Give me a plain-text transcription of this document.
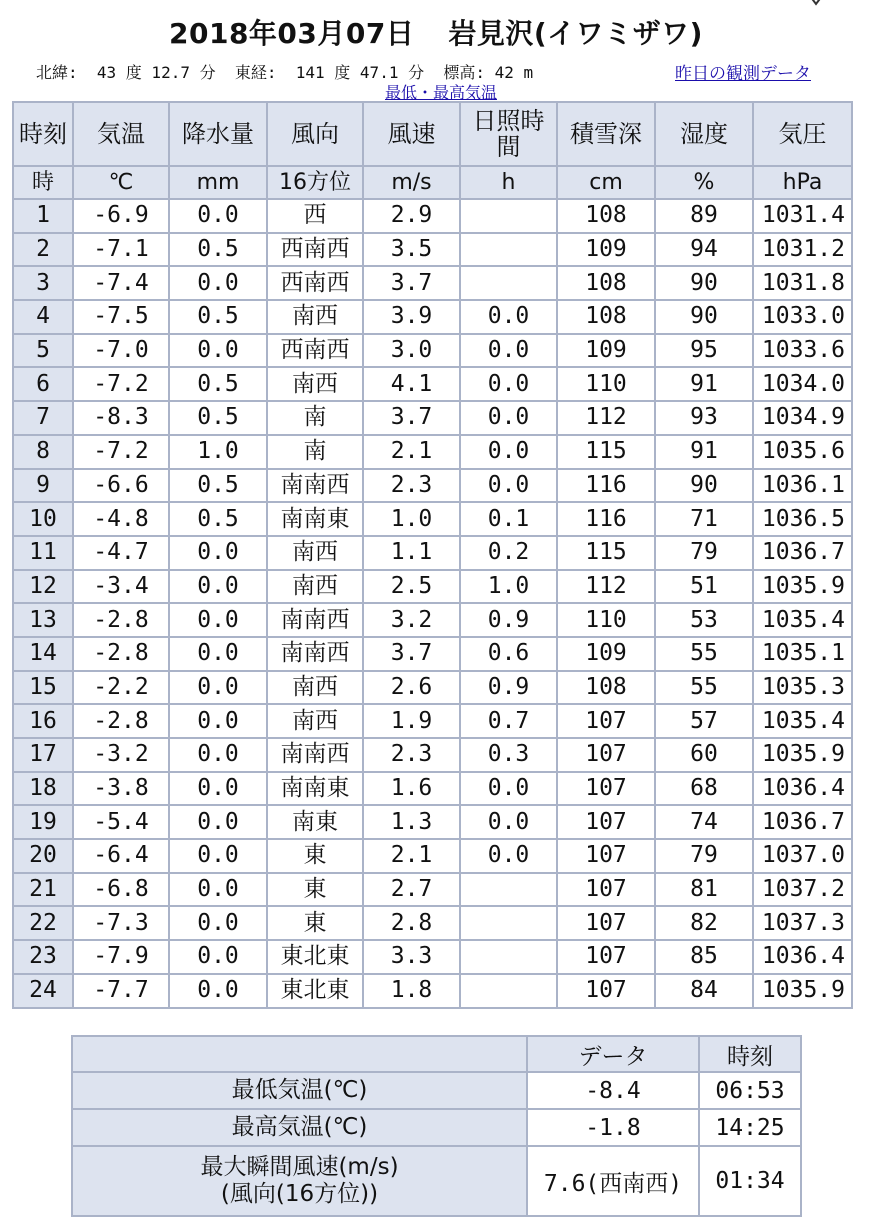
2018年03月07日 岩見沢(イワミザワ)
北緯:  43 度 12.7 分  東経:  141 度 47.1 分  標高: 42 m	昨日の観測データ
最低・最高気温
時刻	気温	降水量	風向	風速	日照時間	積雪深	湿度	気圧
時	℃	mm	16方位	m/s	h	cm	%	hPa
1	-6.9	0.0	西	2.9		108	89	1031.4
2	-7.1	0.5	西南西	3.5		109	94	1031.2
3	-7.4	0.0	西南西	3.7		108	90	1031.8
4	-7.5	0.5	南西	3.9	0.0	108	90	1033.0
5	-7.0	0.0	西南西	3.0	0.0	109	95	1033.6
6	-7.2	0.5	南西	4.1	0.0	110	91	1034.0
7	-8.3	0.5	南	3.7	0.0	112	93	1034.9
8	-7.2	1.0	南	2.1	0.0	115	91	1035.6
9	-6.6	0.5	南南西	2.3	0.0	116	90	1036.1
10	-4.8	0.5	南南東	1.0	0.1	116	71	1036.5
11	-4.7	0.0	南西	1.1	0.2	115	79	1036.7
12	-3.4	0.0	南西	2.5	1.0	112	51	1035.9
13	-2.8	0.0	南南西	3.2	0.9	110	53	1035.4
14	-2.8	0.0	南南西	3.7	0.6	109	55	1035.1
15	-2.2	0.0	南西	2.6	0.9	108	55	1035.3
16	-2.8	0.0	南西	1.9	0.7	107	57	1035.4
17	-3.2	0.0	南南西	2.3	0.3	107	60	1035.9
18	-3.8	0.0	南南東	1.6	0.0	107	68	1036.4
19	-5.4	0.0	南東	1.3	0.0	107	74	1036.7
20	-6.4	0.0	東	2.1	0.0	107	79	1037.0
21	-6.8	0.0	東	2.7		107	81	1037.2
22	-7.3	0.0	東	2.8		107	82	1037.3
23	-7.9	0.0	東北東	3.3		107	85	1036.4
24	-7.7	0.0	東北東	1.8		107	84	1035.9
	データ	時刻
最低気温(℃)	-8.4	06:53
最高気温(℃)	-1.8	14:25
最大瞬間風速(m/s)
(風向(16方位))	7.6(西南西)	01:34
